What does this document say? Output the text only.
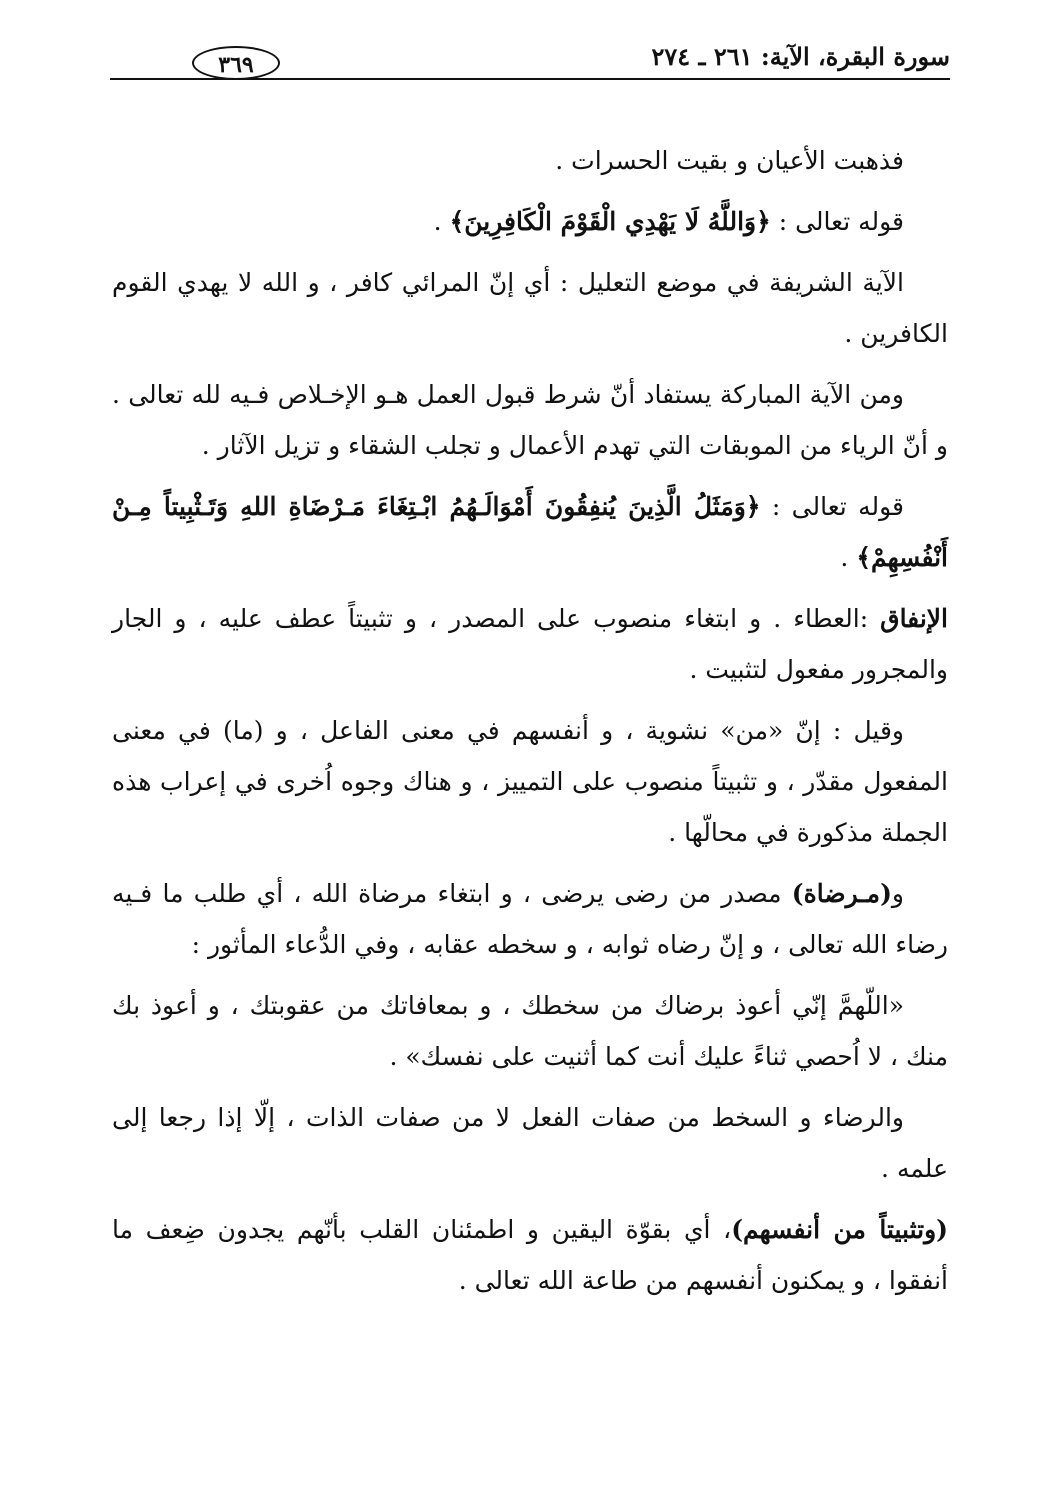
سورة البقرة، الآية: ٢٦١ ـ ٢٧٤
٣٦٩

فذهبت الأعيان و بقيت الحسرات .

قوله تعالى : ﴿وَاللَّهُ لَا يَهْدِي الْقَوْمَ الْكَافِرِينَ﴾ .

الآية الشريفة في موضع التعليل : أي إنّ المرائي كافر ، و الله لا يهدي القوم الكافرين .

ومن الآية المباركة يستفاد أنّ شرط قبول العمل هـو الإخـلاص فـيه لله تعالى . و أنّ الرياء من الموبقات التي تهدم الأعمال و تجلب الشقاء و تزيل الآثار .

قوله تعالى : ﴿وَمَثَلُ الَّذِينَ يُنفِقُونَ أَمْوَالَـهُمُ ابْـتِغَاءَ مَـرْضَاةِ اللهِ وَتَـثْبِيتاً مِـنْ أَنْفُسِهِمْ﴾ .

الإنفاق :العطاء . و ابتغاء منصوب على المصدر ، و تثبيتاً عطف عليه ، و الجار والمجرور مفعول لتثبيت .

وقيل : إنّ «من» نشوية ، و أنفسهم في معنى الفاعل ، و (ما) في معنى المفعول مقدّر ، و تثبيتاً منصوب على التمييز ، و هناك وجوه اُخرى في إعراب هذه الجملة مذكورة في محالّها .

و(مـرضاة) مصدر من رضى يرضى ، و ابتغاء مرضاة الله ، أي طلب ما فـيه رضاء الله تعالى ، و إنّ رضاه ثوابه ، و سخطه عقابه ، وفي الدُّعاء المأثور :

«اللّهمَّ إنّي أعوذ برضاك من سخطك ، و بمعافاتك من عقوبتك ، و أعوذ بك منك ، لا اُحصي ثناءً عليك أنت كما أثنيت على نفسك» .

والرضاء و السخط من صفات الفعل لا من صفات الذات ، إلّا إذا رجعا إلى علمه .

(وتثبيتاً من أنفسهم)، أي بقوّة اليقين و اطمئنان القلب بأنّهم يجدون ضِعف ما أنفقوا ، و يمكنون أنفسهم من طاعة الله تعالى .
